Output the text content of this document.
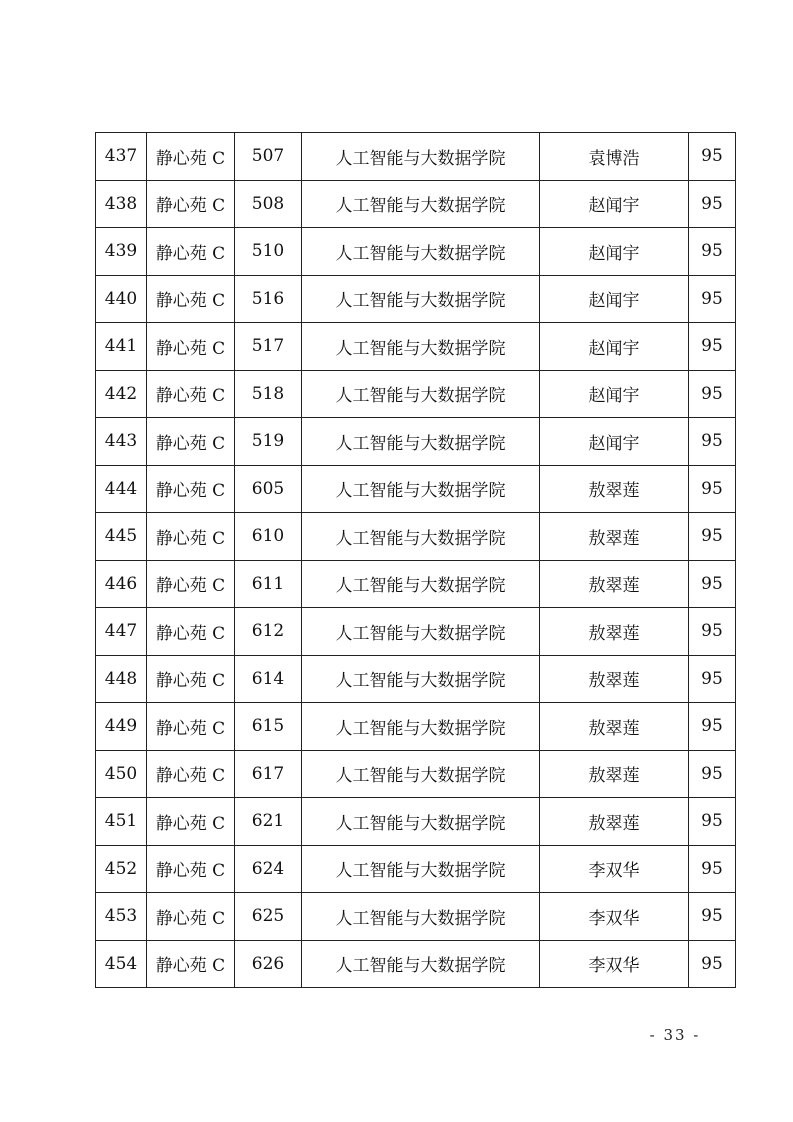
437	静心苑 C	507	人工智能与大数据学院	袁博浩	95
438	静心苑 C	508	人工智能与大数据学院	赵闻宇	95
439	静心苑 C	510	人工智能与大数据学院	赵闻宇	95
440	静心苑 C	516	人工智能与大数据学院	赵闻宇	95
441	静心苑 C	517	人工智能与大数据学院	赵闻宇	95
442	静心苑 C	518	人工智能与大数据学院	赵闻宇	95
443	静心苑 C	519	人工智能与大数据学院	赵闻宇	95
444	静心苑 C	605	人工智能与大数据学院	敖翠莲	95
445	静心苑 C	610	人工智能与大数据学院	敖翠莲	95
446	静心苑 C	611	人工智能与大数据学院	敖翠莲	95
447	静心苑 C	612	人工智能与大数据学院	敖翠莲	95
448	静心苑 C	614	人工智能与大数据学院	敖翠莲	95
449	静心苑 C	615	人工智能与大数据学院	敖翠莲	95
450	静心苑 C	617	人工智能与大数据学院	敖翠莲	95
451	静心苑 C	621	人工智能与大数据学院	敖翠莲	95
452	静心苑 C	624	人工智能与大数据学院	李双华	95
453	静心苑 C	625	人工智能与大数据学院	李双华	95
454	静心苑 C	626	人工智能与大数据学院	李双华	95
- 33 -
